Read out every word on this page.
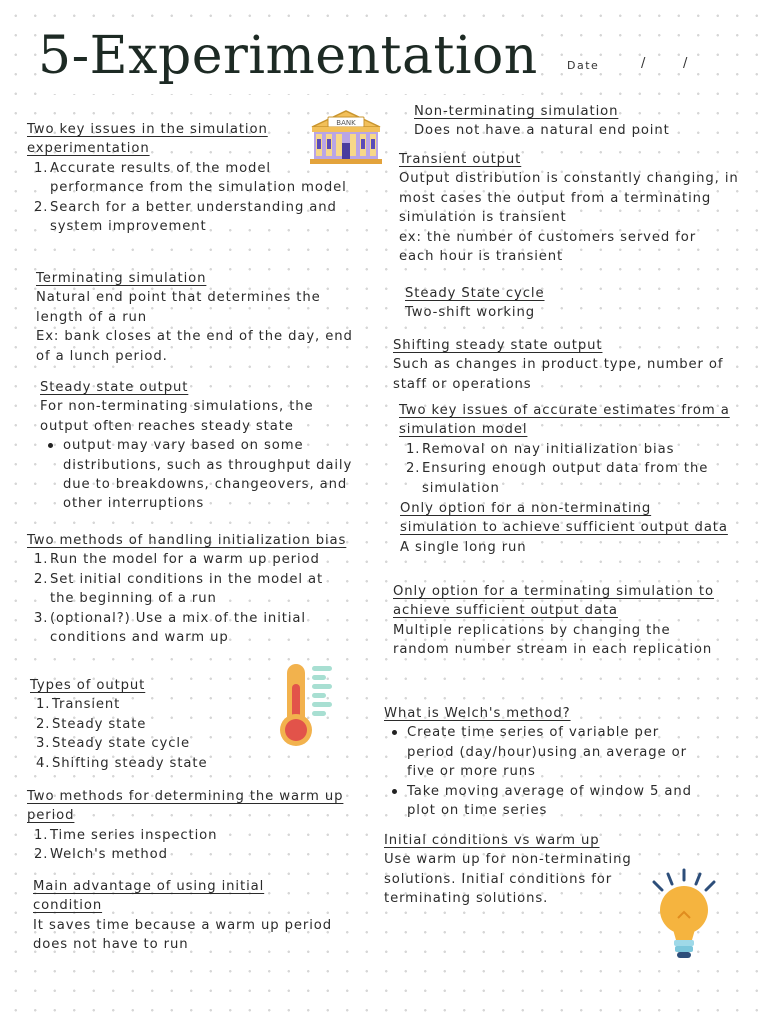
5-Experimentation	Date	/	/
BANK
Two key issues in the simulation experimentation
1. Accurate results of the model performance from the simulation model
2. Search for a better understanding and system improvement
Terminating simulation
Natural end point that determines the length of a run
Ex: bank closes at the end of the day, end of a lunch period.
Steady state output
For non-terminating simulations, the output often reaches steady state
output may vary based on some distributions, such as throughput daily due to breakdowns, changeovers, and other interruptions
Two methods of handling initialization bias
1. Run the model for a warm up period
2. Set initial conditions in the model at the beginning of a run
3. (optional?) Use a mix of the initial conditions and warm up
Types of output
1. Transient
2. Steady state
3. Steady state cycle
4. Shifting steady state
Two methods for determining the warm up period
1. Time series inspection
2. Welch's method
Main advantage of using initial condition
It saves time because a warm up period does not have to run
Non-terminating simulation
Does not have a natural end point
Transient output
Output distribution is constantly changing, in most cases the output from a terminating simulation is transient
ex: the number of customers served for each hour is transient
Steady State cycle
Two-shift working
Shifting steady state output
Such as changes in product type, number of staff or operations
Two key issues of accurate estimates from a simulation model
1. Removal on nay initialization bias
2. Ensuring enough output data from the simulation
Only option for a non-terminating simulation to achieve sufficient output data
A single long run
Only option for a terminating simulation to achieve sufficient output data
Multiple replications by changing the random number stream in each replication
What is Welch's method?
Create time series of variable per period (day/hour)using an average or five or more runs
Take moving average of window 5 and plot on time series
Initial conditions vs warm up
Use warm up for non-terminating solutions. Initial conditions for terminating solutions.
